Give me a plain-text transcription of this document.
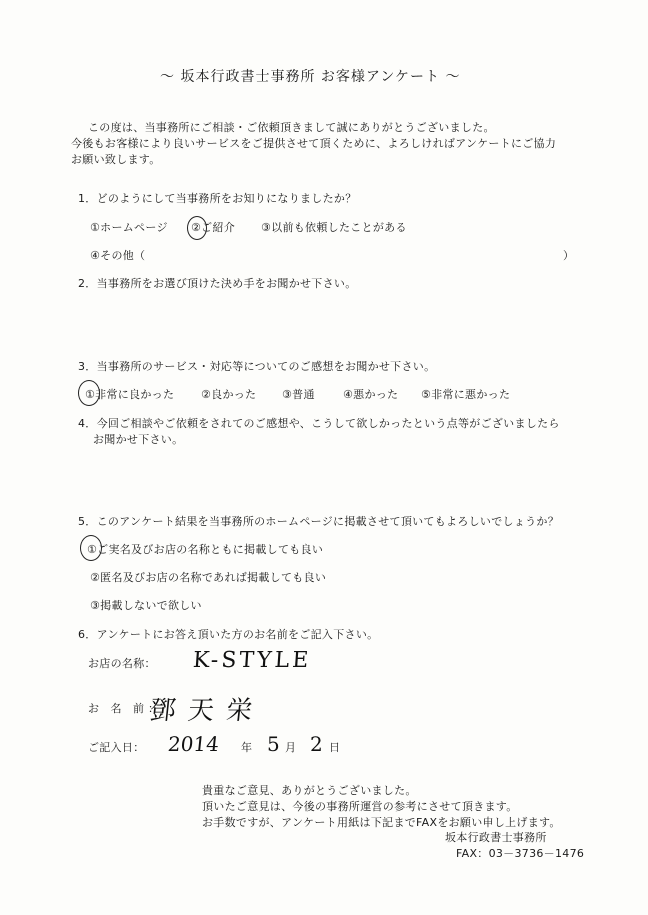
〜 坂本行政書士事務所 お客様アンケート 〜
この度は、当事務所にご相談・ご依頼頂きまして誠にありがとうございました。
今後もお客様により良いサービスをご提供させて頂くために、よろしければアンケートにご協力
お願い致します。
1．どのようにして当事務所をお知りになりましたか？
①ホームページ ②ご紹介 ③以前も依頼したことがある
④その他（	）
2．当事務所をお選び頂けた決め手をお聞かせ下さい。
3．当事務所のサービス・対応等についてのご感想をお聞かせ下さい。
①非常に良かった ②良かった ③普通	④悪かった ⑤非常に悪かった
4．今回ご相談やご依頼をされてのご感想や、こうして欲しかったという点等がございましたら
お聞かせ下さい。
5．このアンケート結果を当事務所のホームページに掲載させて頂いてもよろしいでしょうか？
①ご実名及びお店の名称ともに掲載しても良い
②匿名及びお店の名称であれば掲載しても良い
③掲載しないで欲しい
6．アンケートにお答え頂いた方のお名前をご記入下さい。
お店の名称： K-STYLE
お 名 前：
鄧 天 栄
ご記入日： 2014 年 5 月 2 日
貴重なご意見、ありがとうございました。
頂いたご意見は、今後の事務所運営の参考にさせて頂きます。
お手数ですが、アンケート用紙は下記までFAXをお願い申し上げます。
坂本行政書士事務所
FAX：03－3736－1476
